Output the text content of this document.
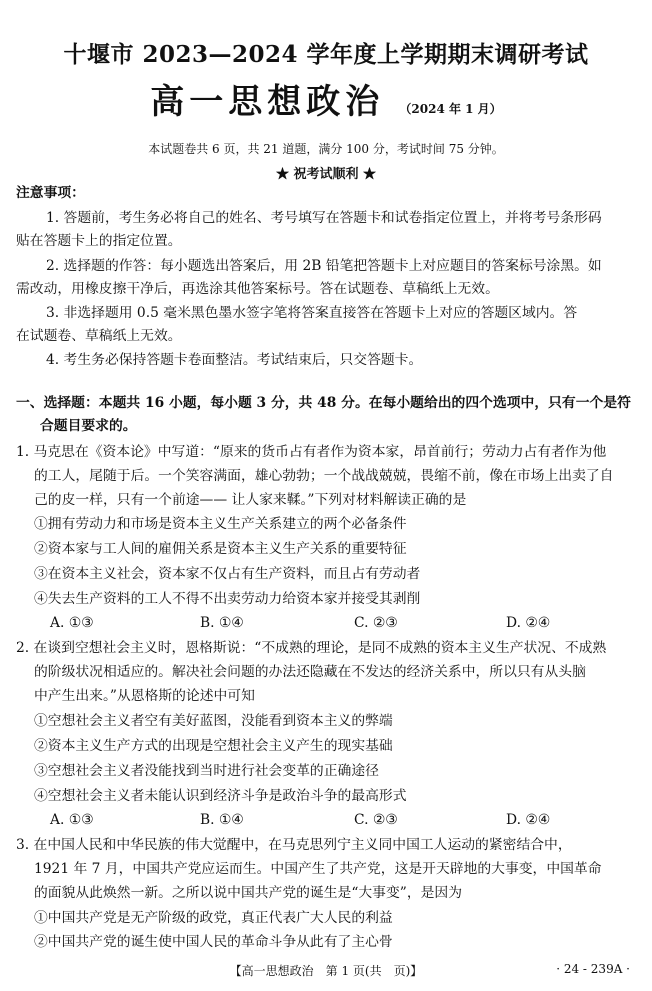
十堰市 2023—2024 学年度上学期期末调研考试
高一思想政治 （2024 年 1 月）
本试题卷共 6 页，共 21 道题，满分 100 分，考试时间 75 分钟。
★ 祝考试顺利 ★
注意事项：
1. 答题前，考生务必将自己的姓名、考号填写在答题卡和试卷指定位置上，并将考号条形码
贴在答题卡上的指定位置。
2. 选择题的作答：每小题选出答案后，用 2B 铅笔把答题卡上对应题目的答案标号涂黑。如
需改动，用橡皮擦干净后，再选涂其他答案标号。答在试题卷、草稿纸上无效。
3. 非选择题用 0.5 毫米黑色墨水签字笔将答案直接答在答题卡上对应的答题区域内。答
在试题卷、草稿纸上无效。
4. 考生务必保持答题卡卷面整洁。考试结束后，只交答题卡。
一、选择题：本题共 16 小题，每小题 3 分，共 48 分。在每小题给出的四个选项中，只有一个是符
合题目要求的。
1. 马克思在《资本论》中写道：“原来的货币占有者作为资本家，昂首前行；劳动力占有者作为他
的工人，尾随于后。一个笑容满面，雄心勃勃；一个战战兢兢，畏缩不前，像在市场上出卖了自
己的皮一样，只有一个前途—— 让人家来鞣。”下列对材料解读正确的是
①拥有劳动力和市场是资本主义生产关系建立的两个必备条件
②资本家与工人间的雇佣关系是资本主义生产关系的重要特征
③在资本主义社会，资本家不仅占有生产资料，而且占有劳动者
④失去生产资料的工人不得不出卖劳动力给资本家并接受其剥削
A. ①③	B. ①④	C. ②③	D. ②④
2. 在谈到空想社会主义时，恩格斯说：“不成熟的理论，是同不成熟的资本主义生产状况、不成熟
的阶级状况相适应的。解决社会问题的办法还隐藏在不发达的经济关系中，所以只有从头脑
中产生出来。”从恩格斯的论述中可知
①空想社会主义者空有美好蓝图，没能看到资本主义的弊端
②资本主义生产方式的出现是空想社会主义产生的现实基础
③空想社会主义者没能找到当时进行社会变革的正确途径
④空想社会主义者未能认识到经济斗争是政治斗争的最高形式
A. ①③	B. ①④	C. ②③	D. ②④
3. 在中国人民和中华民族的伟大觉醒中，在马克思列宁主义同中国工人运动的紧密结合中，
1921 年 7 月，中国共产党应运而生。中国产生了共产党，这是开天辟地的大事变，中国革命
的面貌从此焕然一新。之所以说中国共产党的诞生是“大事变”，是因为
①中国共产党是无产阶级的政党，真正代表广大人民的利益
②中国共产党的诞生使中国人民的革命斗争从此有了主心骨
【高一思想政治　第 1 页(共　页)】	· 24 - 239A ·
